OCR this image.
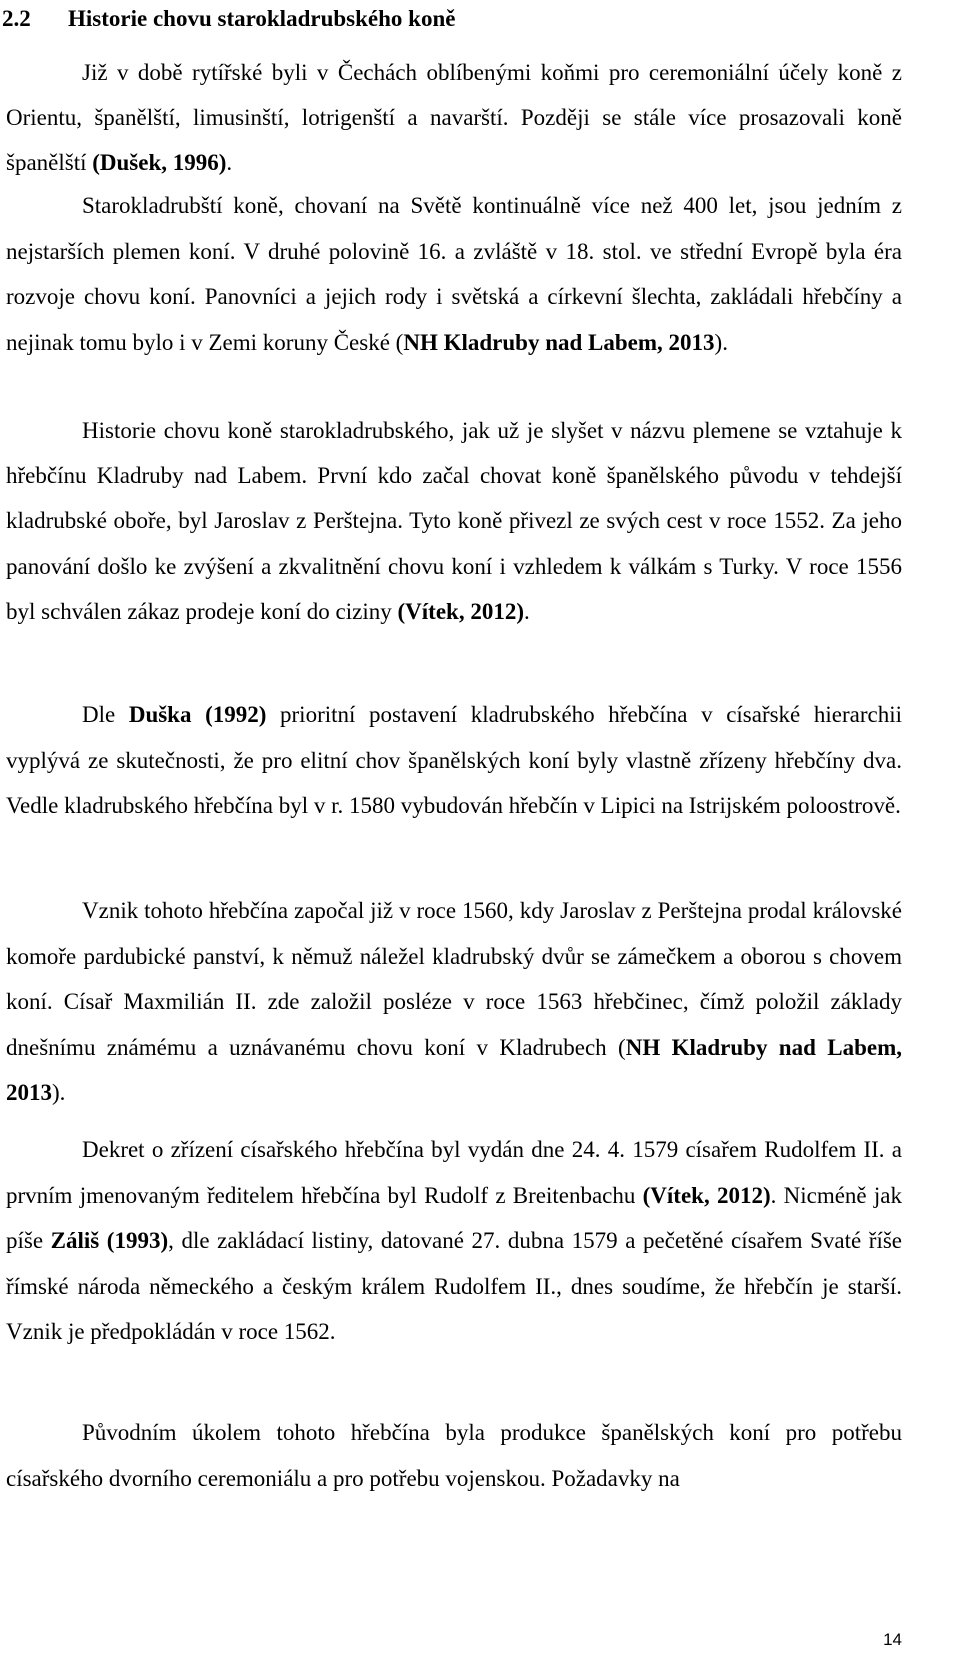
2.2 Historie chovu starokladrubského koně

Již v době rytířské byli v Čechách oblíbenými koňmi pro ceremoniální účely koně z Orientu, španělští, limusinští, lotrigenští a navarští. Později se stále více prosazovali koně španělští (Dušek, 1996).

Starokladrubští koně, chovaní na Světě kontinuálně více než 400 let, jsou jedním z nejstarších plemen koní. V druhé polovině 16. a zvláště v 18. stol. ve střední Evropě byla éra rozvoje chovu koní. Panovníci a jejich rody i světská a církevní šlechta, zakládali hřebčíny a nejinak tomu bylo i v Zemi koruny České (NH Kladruby nad Labem, 2013).

Historie chovu koně starokladrubského, jak už je slyšet v názvu plemene se vztahuje k hřebčínu Kladruby nad Labem. První kdo začal chovat koně španělského původu v tehdejší kladrubské oboře, byl Jaroslav z Perštejna. Tyto koně přivezl ze svých cest v roce 1552. Za jeho panování došlo ke zvýšení a zkvalitnění chovu koní i vzhledem k válkám s Turky. V roce 1556 byl schválen zákaz prodeje koní do ciziny (Vítek, 2012).

Dle Duška (1992) prioritní postavení kladrubského hřebčína v císařské hierarchii vyplývá ze skutečnosti, že pro elitní chov španělských koní byly vlastně zřízeny hřebčíny dva. Vedle kladrubského hřebčína byl v r. 1580 vybudován hřebčín v Lipici na Istrijském poloostrově.

Vznik tohoto hřebčína započal již v roce 1560, kdy Jaroslav z Perštejna prodal královské komoře pardubické panství, k němuž náležel kladrubský dvůr se zámečkem a oborou s chovem koní. Císař Maxmilián II. zde založil posléze v roce 1563 hřebčinec, čímž položil základy dnešnímu známému a uznávanému chovu koní v Kladrubech (NH Kladruby nad Labem, 2013).

Dekret o zřízení císařského hřebčína byl vydán dne 24. 4. 1579 císařem Rudolfem II. a prvním jmenovaným ředitelem hřebčína byl Rudolf z Breitenbachu (Vítek, 2012). Nicméně jak píše Záliš (1993), dle zakládací listiny, datované 27. dubna 1579 a pečetěné císařem Svaté říše římské národa německého a českým králem Rudolfem II., dnes soudíme, že hřebčín je starší. Vznik je předpokládán v roce 1562.

Původním úkolem tohoto hřebčína byla produkce španělských koní pro potřebu císařského dvorního ceremoniálu a pro potřebu vojenskou. Požadavky na

14
